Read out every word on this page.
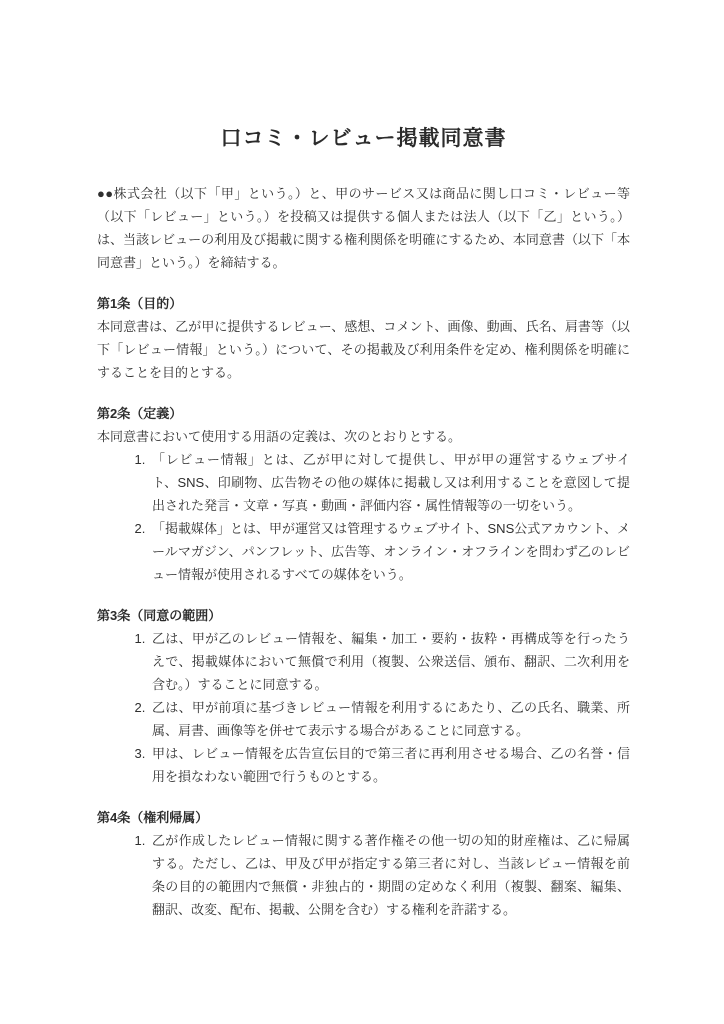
口コミ・レビュー掲載同意書

●●株式会社（以下「甲」という。）と、甲のサービス又は商品に関し口コミ・レビュー等（以下「レビュー」という。）を投稿又は提供する個人または法人（以下「乙」という。）は、当該レビューの利用及び掲載に関する権利関係を明確にするため、本同意書（以下「本同意書」という。）を締結する。

第1条（目的）

本同意書は、乙が甲に提供するレビュー、感想、コメント、画像、動画、氏名、肩書等（以下「レビュー情報」という。）について、その掲載及び利用条件を定め、権利関係を明確にすることを目的とする。

第2条（定義）

本同意書において使用する用語の定義は、次のとおりとする。

1. 「レビュー情報」とは、乙が甲に対して提供し、甲が甲の運営するウェブサイト、SNS、印刷物、広告物その他の媒体に掲載し又は利用することを意図して提出された発言・文章・写真・動画・評価内容・属性情報等の一切をいう。
2. 「掲載媒体」とは、甲が運営又は管理するウェブサイト、SNS公式アカウント、メールマガジン、パンフレット、広告等、オンライン・オフラインを問わず乙のレビュー情報が使用されるすべての媒体をいう。
第3条（同意の範囲）
1. 乙は、甲が乙のレビュー情報を、編集・加工・要約・抜粋・再構成等を行ったうえで、掲載媒体において無償で利用（複製、公衆送信、頒布、翻訳、二次利用を含む。）することに同意する。
2. 乙は、甲が前項に基づきレビュー情報を利用するにあたり、乙の氏名、職業、所属、肩書、画像等を併せて表示する場合があることに同意する。
3. 甲は、レビュー情報を広告宣伝目的で第三者に再利用させる場合、乙の名誉・信用を損なわない範囲で行うものとする。
第4条（権利帰属）
1. 乙が作成したレビュー情報に関する著作権その他一切の知的財産権は、乙に帰属する。ただし、乙は、甲及び甲が指定する第三者に対し、当該レビュー情報を前条の目的の範囲内で無償・非独占的・期間の定めなく利用（複製、翻案、編集、翻訳、改変、配布、掲載、公開を含む）する権利を許諾する。
